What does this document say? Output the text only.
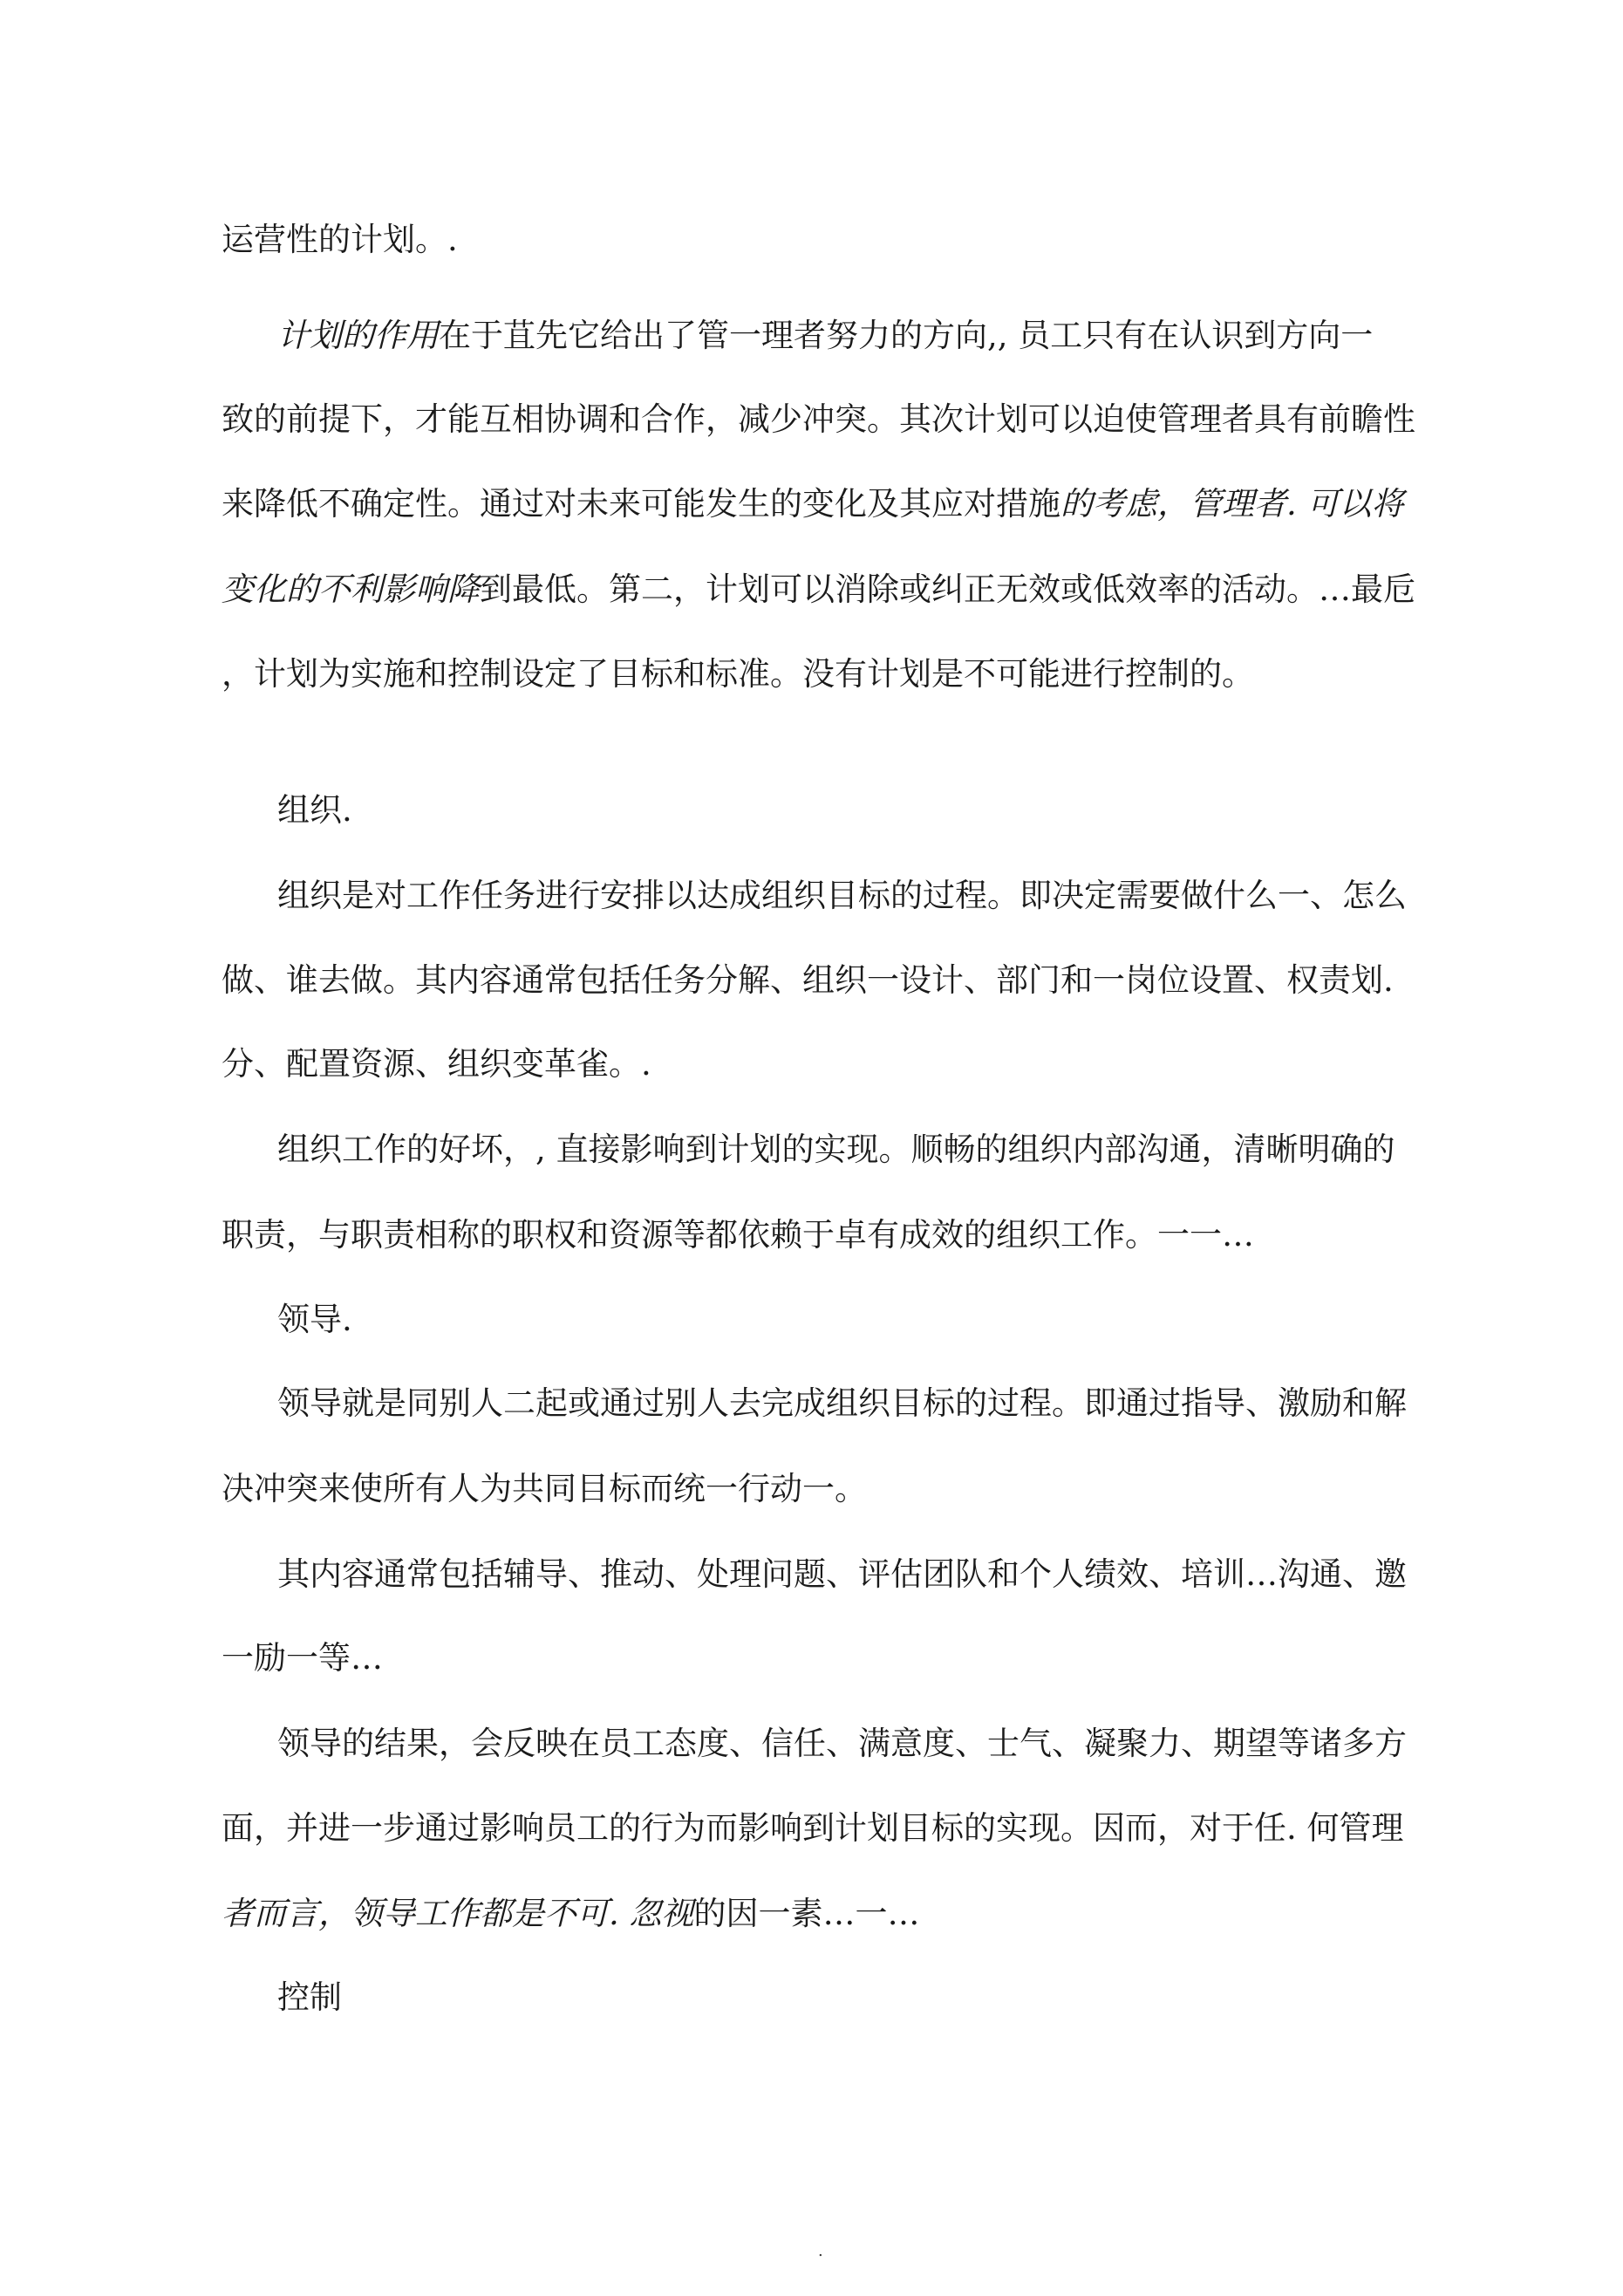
运营性的计划。.
计划的作用在于苴先它给出了管一理者努力的方向,, 员工只有在认识到方向一
致的前提下，才能互相协调和合作，减少冲突。其次计划可以迫使管理者具有前瞻性
来降低不确定性。通过对未来可能发生的变化及其应对措施的考虑，管理者. 可以将
变化的不利影响降到最低。第二，计划可以消除或纠正无效或低效率的活动。…最卮
，计划为实施和控制设定了目标和标准。没有计划是不可能进行控制的。
组织.
组织是对工作任务进行安排以达成组织目标的过程。即决定需要做什么一、怎么
做、谁去做。其内容通常包括任务分解、组织一设计、部门和一岗位设置、权责划.
分、配置资源、组织变革雀。.
组织工作的好坏，, 直接影响到计划的实现。顺畅的组织内部沟通，清晰明确的
职责，与职责相称的职权和资源等都依赖于卓有成效的组织工作。一一…
领导.
领导就是同别人二起或通过别人去完成组织目标的过程。即通过指导、激励和解
决冲突来使所有人为共同目标而统一行动一。
其内容通常包括辅导、推动、处理问题、评估团队和个人绩效、培训…沟通、邀
一励一等…
领导的结果，会反映在员工态度、信任、满意度、士气、凝聚力、期望等诸多方
面，并进一步通过影响员工的行为而影响到计划目标的实现。因而，对于任. 何管理
者而言，领导工作都是不可. 忽视的因一素…一…
控制
.
